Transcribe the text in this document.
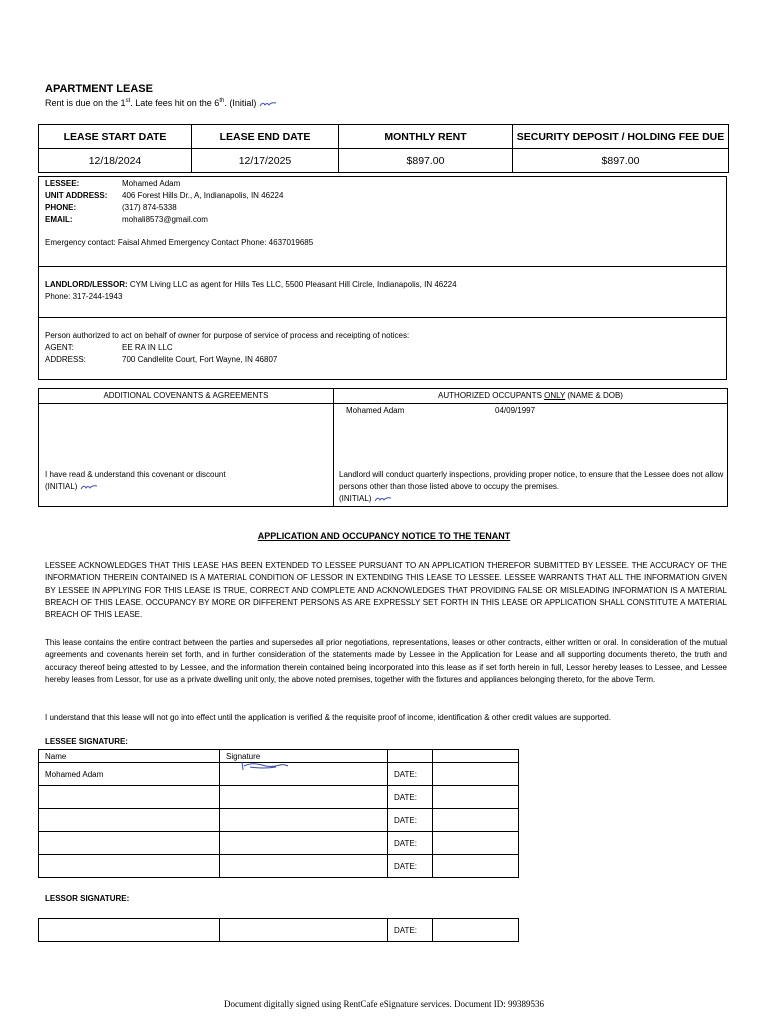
APARTMENT LEASE
Rent is due on the 1st. Late fees hit on the 6th. (Initial)
LEASE START DATE	LEASE END DATE	MONTHLY RENT	SECURITY DEPOSIT / HOLDING FEE DUE
12/18/2024	12/17/2025	$897.00	$897.00
LESSEE:	Mohamed Adam
UNIT ADDRESS: 406 Forest Hills Dr., A, Indianapolis, IN 46224
PHONE:	(317) 874-5338
EMAIL:	mohali8573@gmail.com
Emergency contact: Faisal Ahmed Emergency Contact Phone: 4637019685
LANDLORD/LESSOR: CYM Living LLC as agent for Hills Tes LLC, 5500 Pleasant Hill Circle, Indianapolis, IN 46224
Phone: 317-244-1943
Person authorized to act on behalf of owner for purpose of service of process and receipting of notices:
AGENT:	EE RA IN LLC
ADDRESS:	700 Candlelite Court, Fort Wayne, IN 46807
ADDITIONAL COVENANTS & AGREEMENTS	AUTHORIZED OCCUPANTS ONLY (NAME & DOB)
Mohamed Adam	04/09/1997
I have read & understand this covenant or discount
(INITIAL)
Landlord will conduct quarterly inspections, providing proper notice, to ensure that the Lessee does not allow persons other than those listed above to occupy the premises.
(INITIAL)
APPLICATION AND OCCUPANCY NOTICE TO THE TENANT
LESSEE ACKNOWLEDGES THAT THIS LEASE HAS BEEN EXTENDED TO LESSEE PURSUANT TO AN APPLICATION THEREFOR SUBMITTED BY LESSEE. THE ACCURACY OF THE INFORMATION THEREIN CONTAINED IS A MATERIAL CONDITION OF LESSOR IN EXTENDING THIS LEASE TO LESSEE. LESSEE WARRANTS THAT ALL THE INFORMATION GIVEN BY LESSEE IN APPLYING FOR THIS LEASE IS TRUE, CORRECT AND COMPLETE AND ACKNOWLEDGES THAT PROVIDING FALSE OR MISLEADING INFORMATION IS A MATERIAL BREACH OF THIS LEASE. OCCUPANCY BY MORE OR DIFFERENT PERSONS AS ARE EXPRESSLY SET FORTH IN THIS LEASE OR APPLICATION SHALL CONSTITUTE A MATERIAL BREACH OF THIS LEASE.
This lease contains the entire contract between the parties and supersedes all prior negotiations, representations, leases or other contracts, either written or oral. In consideration of the mutual agreements and covenants herein set forth, and in further consideration of the statements made by Lessee in the Application for Lease and all supporting documents thereto, the truth and accuracy thereof being attested to by Lessee, and the information therein contained being incorporated into this lease as if set forth herein in full, Lessor hereby leases to Lessee, and Lessee hereby leases from Lessor, for use as a private dwelling unit only, the above noted premises, together with the fixtures and appliances belonging thereto, for the above Term.
I understand that this lease will not go into effect until the application is verified & the requisite proof of income, identification & other credit values are supported.
LESSEE SIGNATURE:
Name	Signature		
Mohamed Adam		DATE:	
		DATE:	
		DATE:	
		DATE:	
		DATE:	
LESSOR SIGNATURE:
		DATE:	
Document digitally signed using RentCafe eSignature services. Document ID: 99389536
